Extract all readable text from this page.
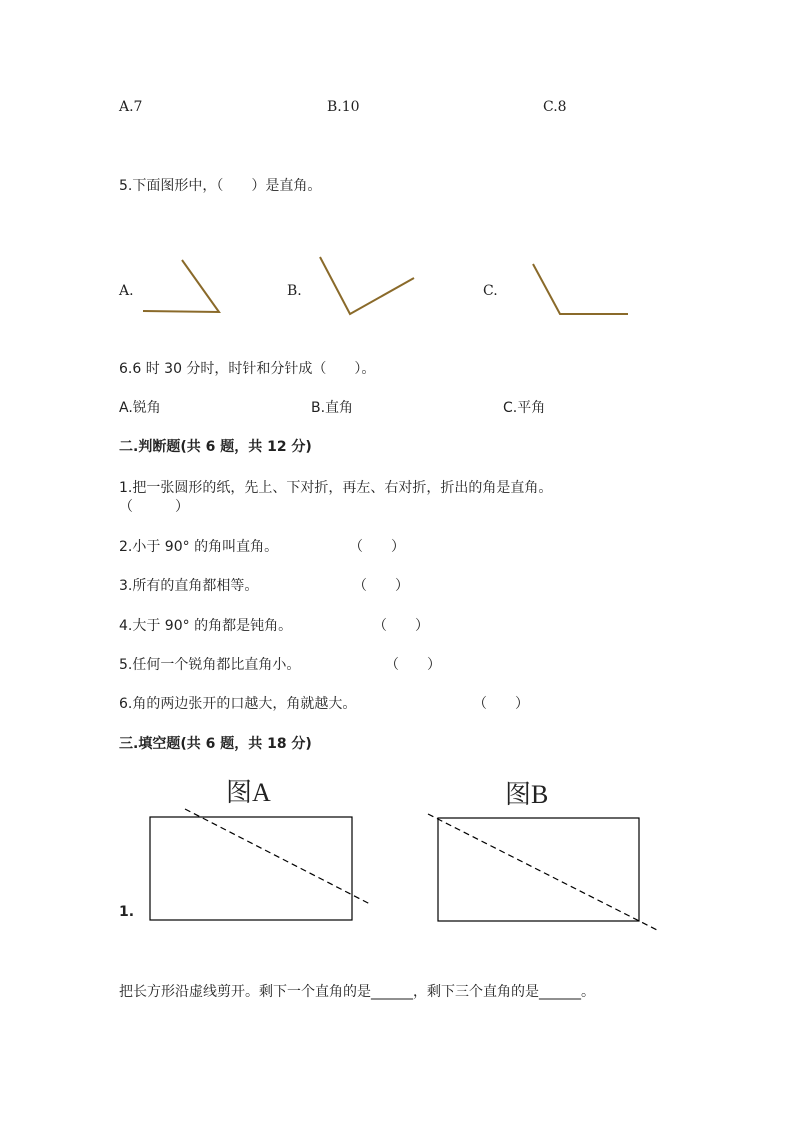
A.7	B.10	C.8
5.下面图形中，（　　）是直角。
A.	B.	C.
6.6 时 30 分时，时针和分针成（　　）。
A.锐角	B.直角	C.平角
二.判断题(共 6 题，共 12 分)
1.把一张圆形的纸，先上、下对折，再左、右对折，折出的角是直角。
（　　　）
2.小于 90° 的角叫直角。	（　　）
3.所有的直角都相等。	（　　）
4.大于 90° 的角都是钝角。	（　　）
5.任何一个锐角都比直角小。	（　　）
6.角的两边张开的口越大，角就越大。	（　　）
三.填空题(共 6 题，共 18 分)
图A	图B
1.
把长方形沿虚线剪开。剩下一个直角的是______，剩下三个直角的是______。
